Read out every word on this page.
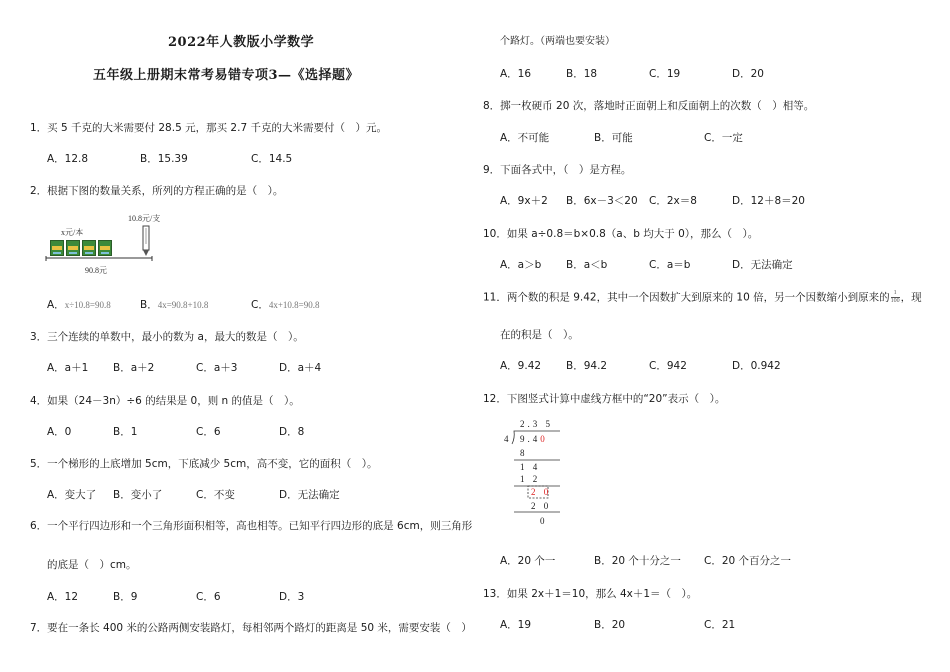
2022年人教版小学数学
五年级上册期末常考易错专项3—《选择题》
1．买 5 千克的大米需要付 28.5 元，那买 2.7 千克的大米需要付（　）元。
A．12.8	B．15.39	C．14.5
2．根据下图的数量关系，所列的方程正确的是（　）。
x元/本
10.8元/支
90.8元
A．x÷10.8=90.8	B．4x=90.8+10.8	C．4x+10.8=90.8
3．三个连续的单数中，最小的数为 a，最大的数是（　）。
A．a＋1 B．a＋2	C．a＋3	D．a＋4
4．如果（24－3n）÷6 的结果是 0，则 n 的值是（　）。
A．0	B．1	C．6	D．8
5．一个梯形的上底增加 5cm，下底减少 5cm，高不变，它的面积（　）。
A．变大了 B．变小了	C．不变	D．无法确定
6．一个平行四边形和一个三角形面积相等，高也相等。已知平行四边形的底是 6cm，则三角形
的底是（　）cm。
A．12	B．9	C．6	D．3
7．要在一条长 400 米的公路两侧安装路灯，每相邻两个路灯的距离是 50 米，需要安装（　）
个路灯。（两端也要安装）
A．16	B．18	C．19	D．20
8．掷一枚硬币 20 次，落地时正面朝上和反面朝上的次数（　）相等。
A．不可能	B．可能	C．一定
9．下面各式中，（　）是方程。
A．9x＋2 B．6x－3＜20 C．2x＝8	D．12＋8＝20
10．如果 a÷0.8＝b×0.8（a、b 均大于 0），那么（　）。
A．a＞b B．a＜b	C．a＝b	D．无法确定
11．两个数的积是 9.42，其中一个因数扩大到原来的 10 倍，另一个因数缩小到原来的 $\frac{1}{100}$ ，现
在的积是（　）。
A．9.42 B．94.2	C．942	D．0.942
12．下图竖式计算中虚线方框中的“20”表示（　）。
2.3 5
4 9.40
8
1 4
1 2
2 0
2 0
0
A．20 个一	B．20 个十分之一 C．20 个百分之一
13．如果 2x＋1＝10，那么 4x＋1＝（　）。
A．19	B．20	C．21
